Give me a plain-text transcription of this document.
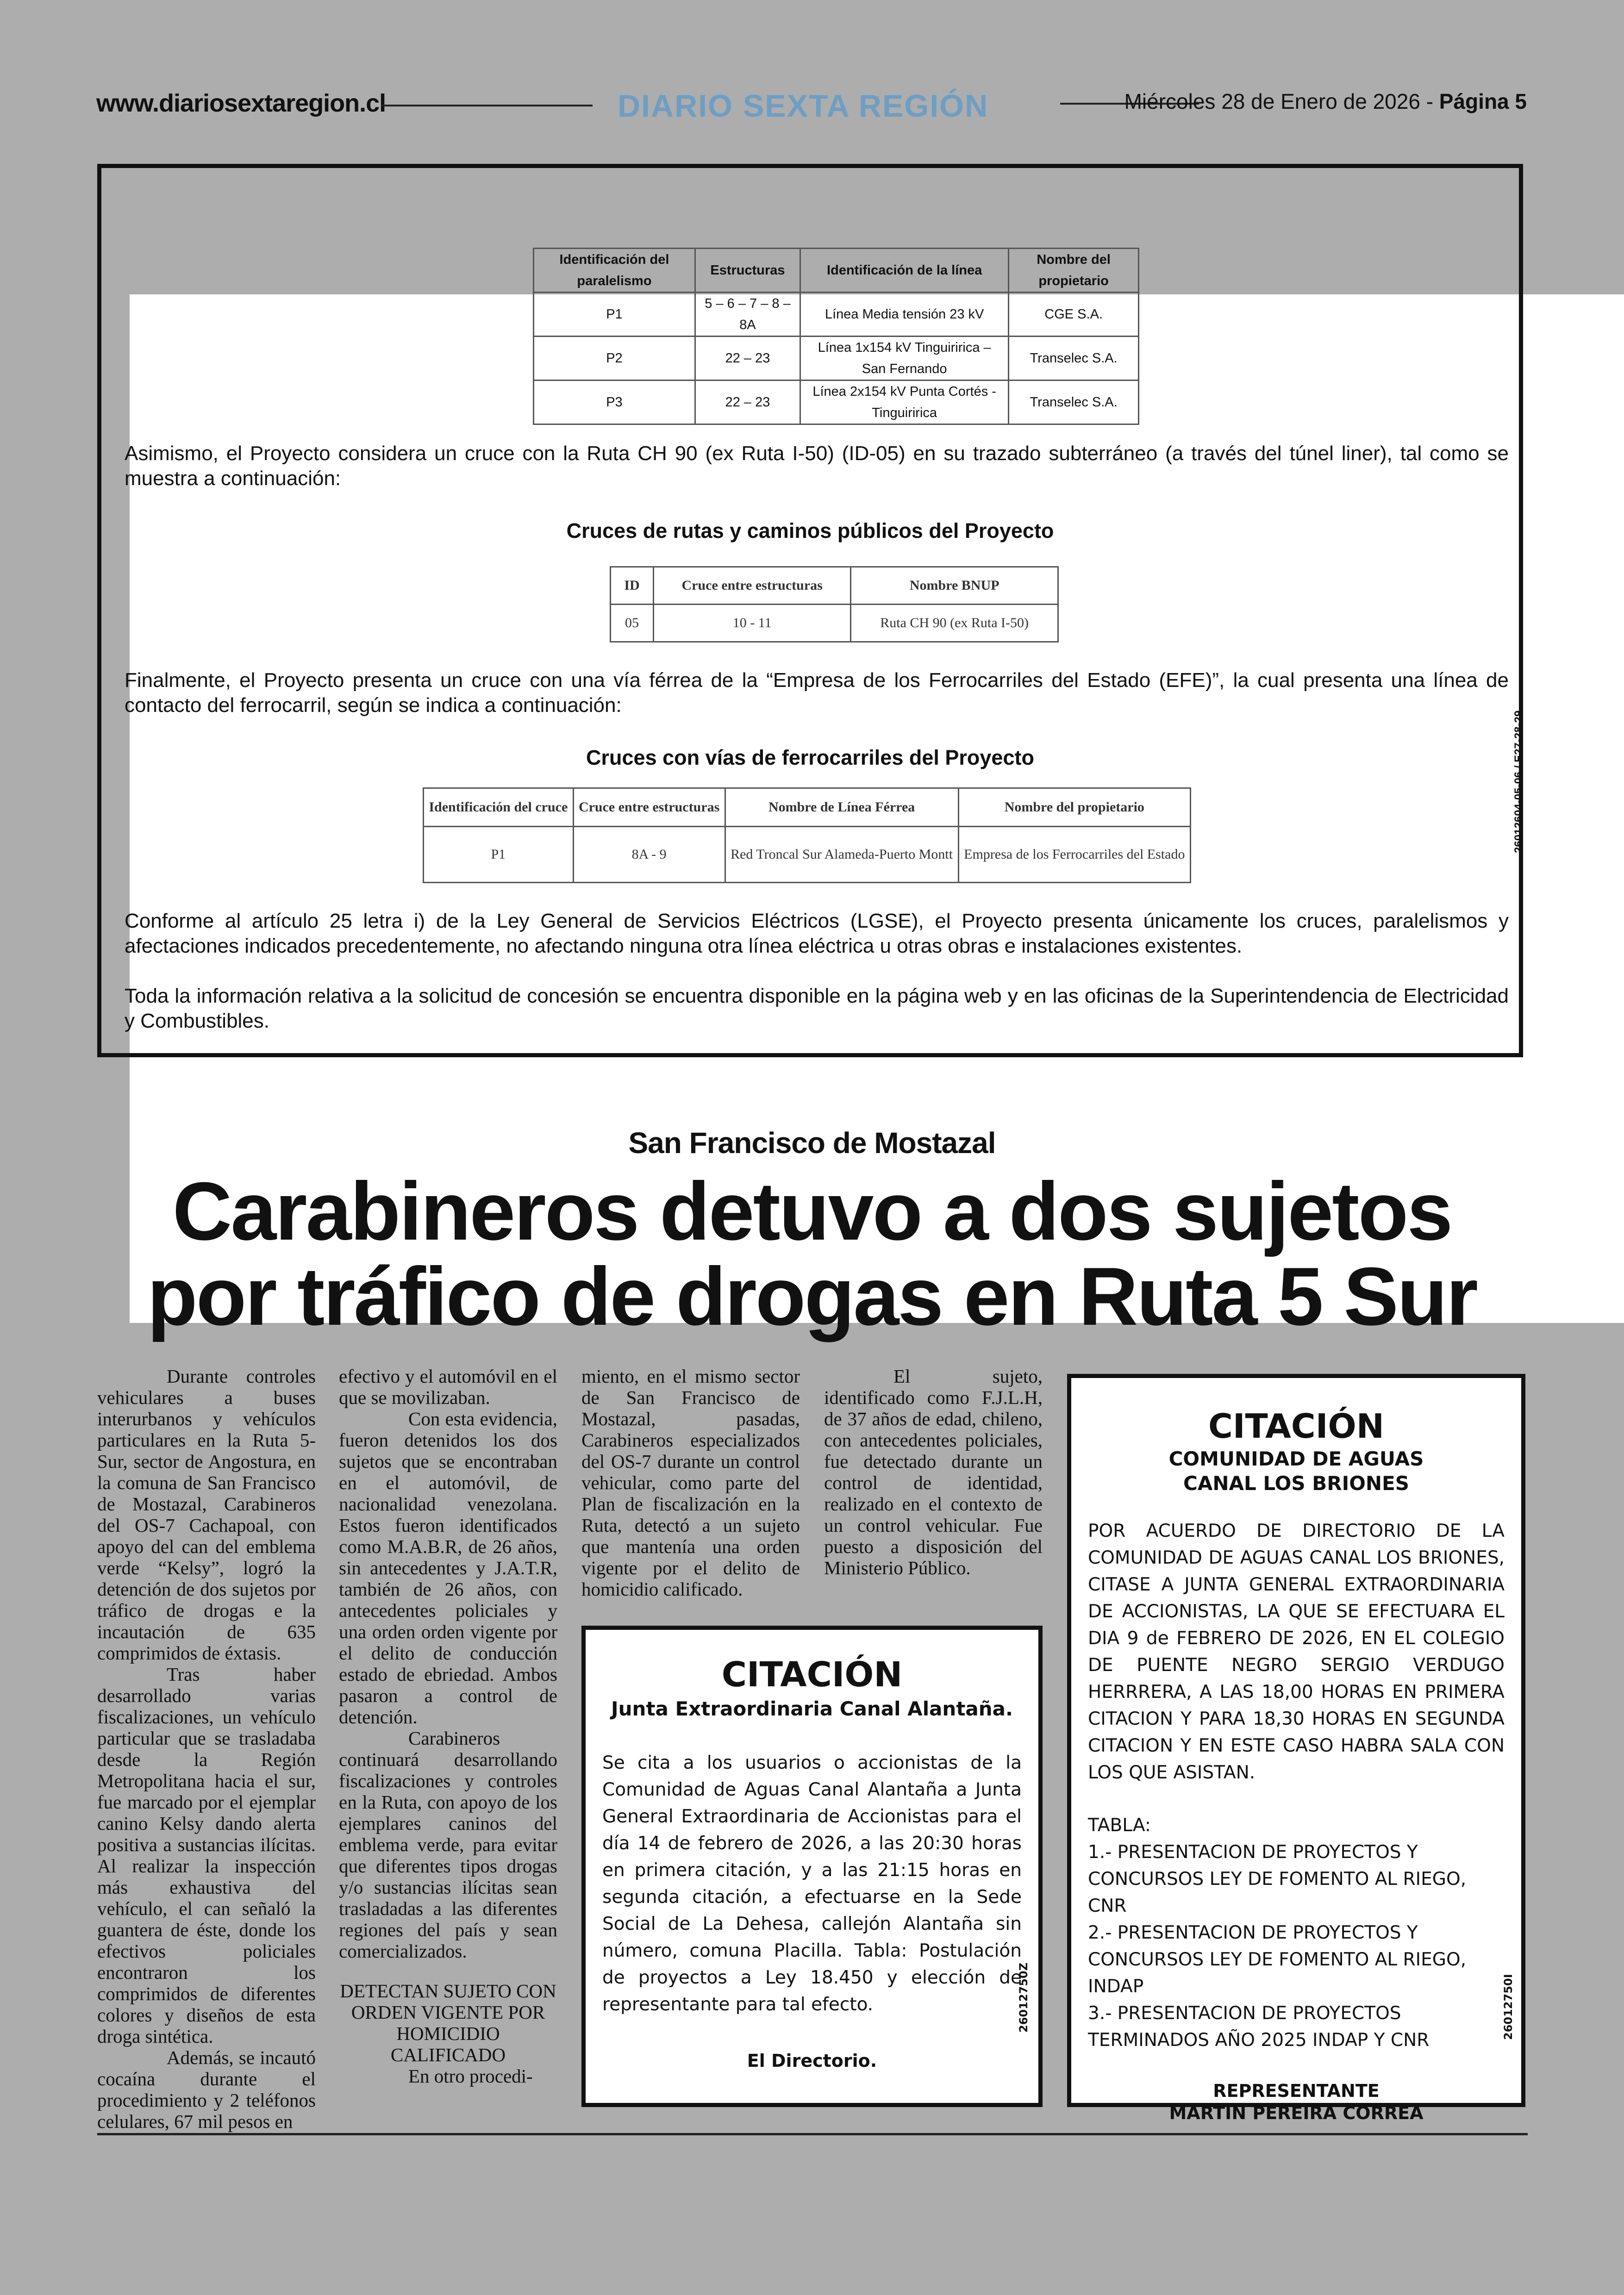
www.diariosextaregion.cl	DIARIO SEXTA REGIÓN	Miércoles 28 de Enero de 2026 - Página 5
Identificación del paralelismo	Estructuras	Identificación de la línea	Nombre del propietario
P1	5 – 6 – 7 – 8 – 8A	Línea Media tensión 23 kV	CGE S.A.
P2	22 – 23	Línea 1x154 kV Tinguiririca – San Fernando	Transelec S.A.
P3	22 – 23	Línea 2x154 kV Punta Cortés - Tinguiririca	Transelec S.A.
Asimismo, el Proyecto considera un cruce con la Ruta CH 90 (ex Ruta I-50) (ID-05) en su trazado subterráneo (a través del túnel liner), tal como se muestra a continuación:
Cruces de rutas y caminos públicos del Proyecto
ID	Cruce entre estructuras	Nombre BNUP
05	10 - 11	Ruta CH 90 (ex Ruta I-50)
Finalmente, el Proyecto presenta un cruce con una vía férrea de la “Empresa de los Ferrocarriles del Estado (EFE)”, la cual presenta una línea de contacto del ferrocarril, según se indica a continuación:
Cruces con vías de ferrocarriles del Proyecto
Identificación del cruce	Cruce entre estructuras	Nombre de Línea Férrea	Nombre del propietario
P1	8A - 9	Red Troncal Sur Alameda-Puerto Montt	Empresa de los Ferrocarriles del Estado
Conforme al artículo 25 letra i) de la Ley General de Servicios Eléctricos (LGSE), el Proyecto presenta únicamente los cruces, paralelismos y afectaciones indicados precedentemente, no afectando ninguna otra línea eléctrica u otras obras e instalaciones existentes.
Toda la información relativa a la solicitud de concesión se encuentra disponible en la página web y en las oficinas de la Superintendencia de Electricidad y Combustibles.
26012604-05-06 / E27-28-29
San Francisco de Mostazal
Carabineros detuvo a dos sujetos
por tráfico de drogas en Ruta 5 Sur

Durante controles vehiculares a buses interurbanos y vehículos particulares en la Ruta 5-Sur, sector de Angostura, en la comuna de San Francisco de Mostazal, Carabineros del OS-7 Cachapoal, con apoyo del can del emblema verde “Kelsy”, logró la detención de dos sujetos por tráfico de drogas e la incautación de 635 comprimidos de éxtasis.

Tras haber desarrollado varias fiscalizaciones, un vehículo particular que se trasladaba desde la Región Metropolitana hacia el sur, fue marcado por el ejemplar canino Kelsy dando alerta positiva a sustancias ilícitas. Al realizar la inspección más exhaustiva del vehículo, el can señaló la guantera de éste, donde los efectivos policiales encontraron los comprimidos de diferentes colores y diseños de esta droga sintética.

Además, se incautó cocaína durante el procedimiento y 2 teléfonos celulares, 67 mil pesos en

efectivo y el automóvil en el que se movilizaban.

Con esta evidencia, fueron detenidos los dos sujetos que se encontraban en el automóvil, de nacionalidad venezolana. Estos fueron identificados como M.A.B.R, de 26 años, sin antecedentes y J.A.T.R, también de 26 años, con antecedentes policiales y una orden orden vigente por el delito de conducción estado de ebriedad. Ambos pasaron a control de detención.

Carabineros continuará desarrollando fiscalizaciones y controles en la Ruta, con apoyo de los ejemplares caninos del emblema verde, para evitar que diferentes tipos drogas y/o sustancias ilícitas sean trasladadas a las diferentes regiones del país y sean comercializados.

DETECTAN SUJETO CON ORDEN VIGENTE POR HOMICIDIO CALIFICADO

En otro procedi-

miento, en el mismo sector de San Francisco de Mostazal, pasadas, Carabineros especializados del OS-7 durante un control vehicular, como parte del Plan de fiscalización en la Ruta, detectó a un sujeto que mantenía una orden vigente por el delito de homicidio calificado.

El sujeto, identificado como F.J.L.H, de 37 años de edad, chileno, con antecedentes policiales, fue detectado durante un control de identidad, realizado en el contexto de un control vehicular. Fue puesto a disposición del Ministerio Público.

CITACIÓN
Junta Extraordinaria Canal Alantaña.
Se cita a los usuarios o accionistas de la Comunidad de Aguas Canal Alantaña a Junta General Extraordinaria de Accionistas para el día 14 de febrero de 2026, a las 20:30 horas en primera citación, y a las 21:15 horas en segunda citación, a efectuarse en la Sede Social de La Dehesa, callejón Alantaña sin número, comuna Placilla. Tabla: Postulación de proyectos a Ley 18.450 y elección de representante para tal efecto.
El Directorio.
26012750Z
CITACIÓN
COMUNIDAD DE AGUAS
CANAL LOS BRIONES
POR ACUERDO DE DIRECTORIO DE LA COMUNIDAD DE AGUAS CANAL LOS BRIONES, CITASE A JUNTA GENERAL EXTRAORDINARIA DE ACCIONISTAS, LA QUE SE EFECTUARA EL DIA 9 de FEBRERO DE 2026, EN EL COLEGIO DE PUENTE NEGRO SERGIO VERDUGO HERRRERA, A LAS 18,00 HORAS EN PRIMERA CITACION Y PARA 18,30 HORAS EN SEGUNDA CITACION Y EN ESTE CASO HABRA SALA CON LOS QUE ASISTAN.
TABLA:
1.- PRESENTACION DE PROYECTOS Y CONCURSOS LEY DE FOMENTO AL RIEGO, CNR
2.- PRESENTACION DE PROYECTOS Y CONCURSOS LEY DE FOMENTO AL RIEGO, INDAP
3.- PRESENTACION DE PROYECTOS TERMINADOS AÑO 2025 INDAP Y CNR
REPRESENTANTE
MARTIN PEREIRA CORREA
26012750I
